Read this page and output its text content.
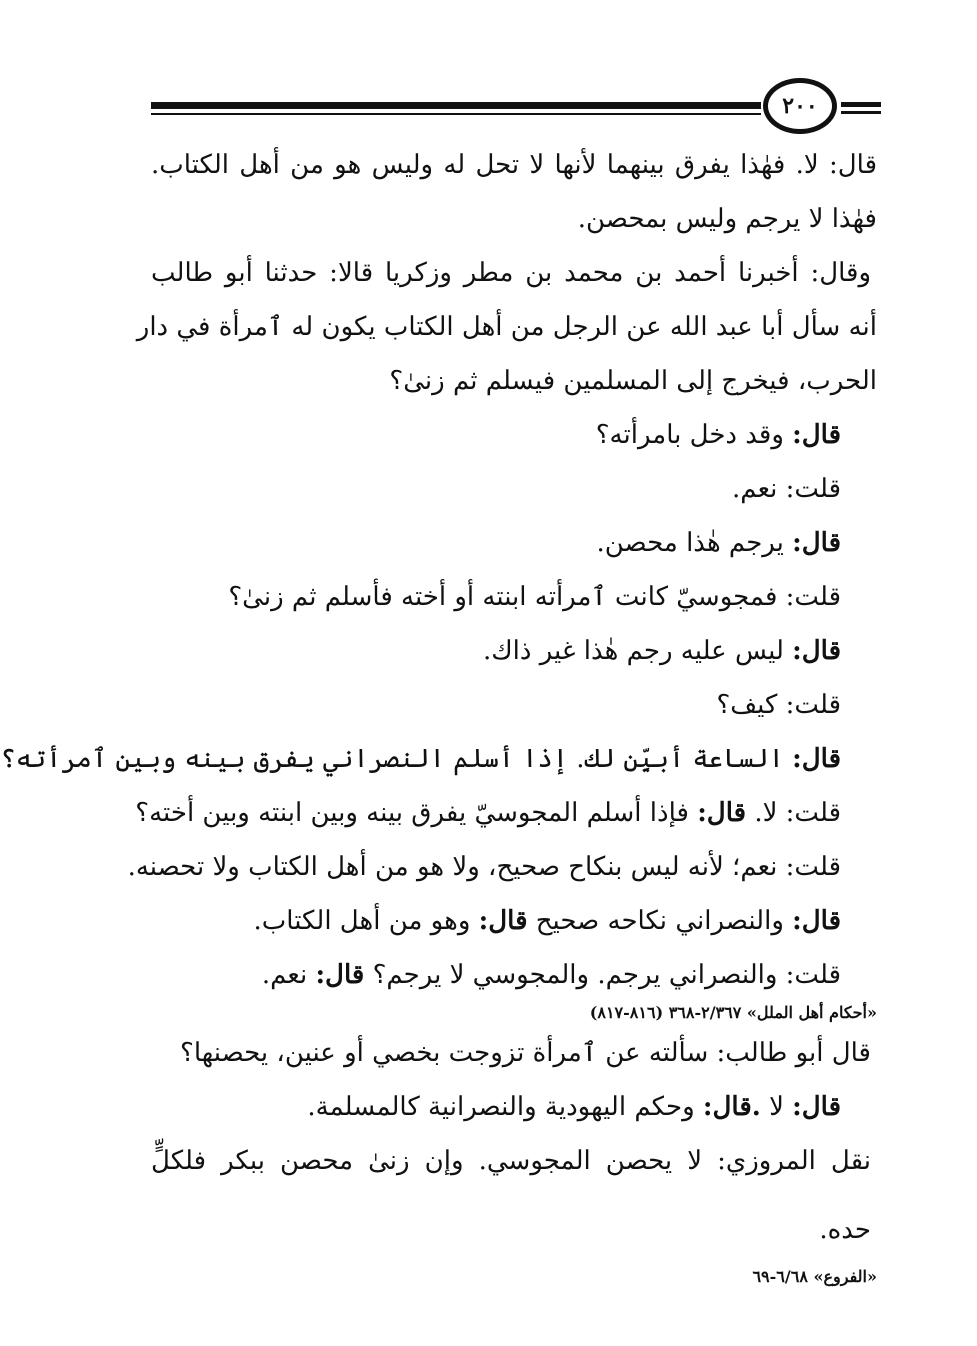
٢٠٠
قال: لا. فهٰذا يفرق بينهما لأنها لا تحل له وليس هو من أهل الكتاب.
فهٰذا لا يرجم وليس بمحصن.
وقال: أخبرنا أحمد بن محمد بن مطر وزكريا قالا: حدثنا أبو طالب
أنه سأل أبا عبد الله عن الرجل من أهل الكتاب يكون له ٱمرأة في دار
الحرب، فيخرج إلى المسلمين فيسلم ثم زنىٰ؟
قال: وقد دخل بامرأته؟
قلت: نعم.
قال: يرجم هٰذا محصن.
قلت: فمجوسيّ كانت ٱمرأته ابنته أو أخته فأسلم ثم زنىٰ؟
قال: ليس عليه رجم هٰذا غير ذاك.
قلت: كيف؟
قال: الساعة أبيِّن لك. إذا أسلم النصراني يفرق بينه وبين ٱمرأته؟
قلت: لا. قال: فإذا أسلم المجوسيّ يفرق بينه وبين ابنته وبين أخته؟
قلت: نعم؛ لأنه ليس بنكاح صحيح، ولا هو من أهل الكتاب ولا تحصنه.
قال: والنصراني نكاحه صحيح قال: وهو من أهل الكتاب.
قلت: والنصراني يرجم. والمجوسي لا يرجم؟ قال: نعم.
«أحكام أهل الملل» ٢/٣٦٧-٣٦٨ (٨١٦-٨١٧)
قال أبو طالب: سألته عن ٱمرأة تزوجت بخصي أو عنين، يحصنها؟
قال: لا .قال: وحكم اليهودية والنصرانية كالمسلمة.
نقل المروزي: لا يحصن المجوسي. وإن زنىٰ محصن ببكر فلكلٍّ
حده.
«الفروع» ٦/٦٨-٦٩
